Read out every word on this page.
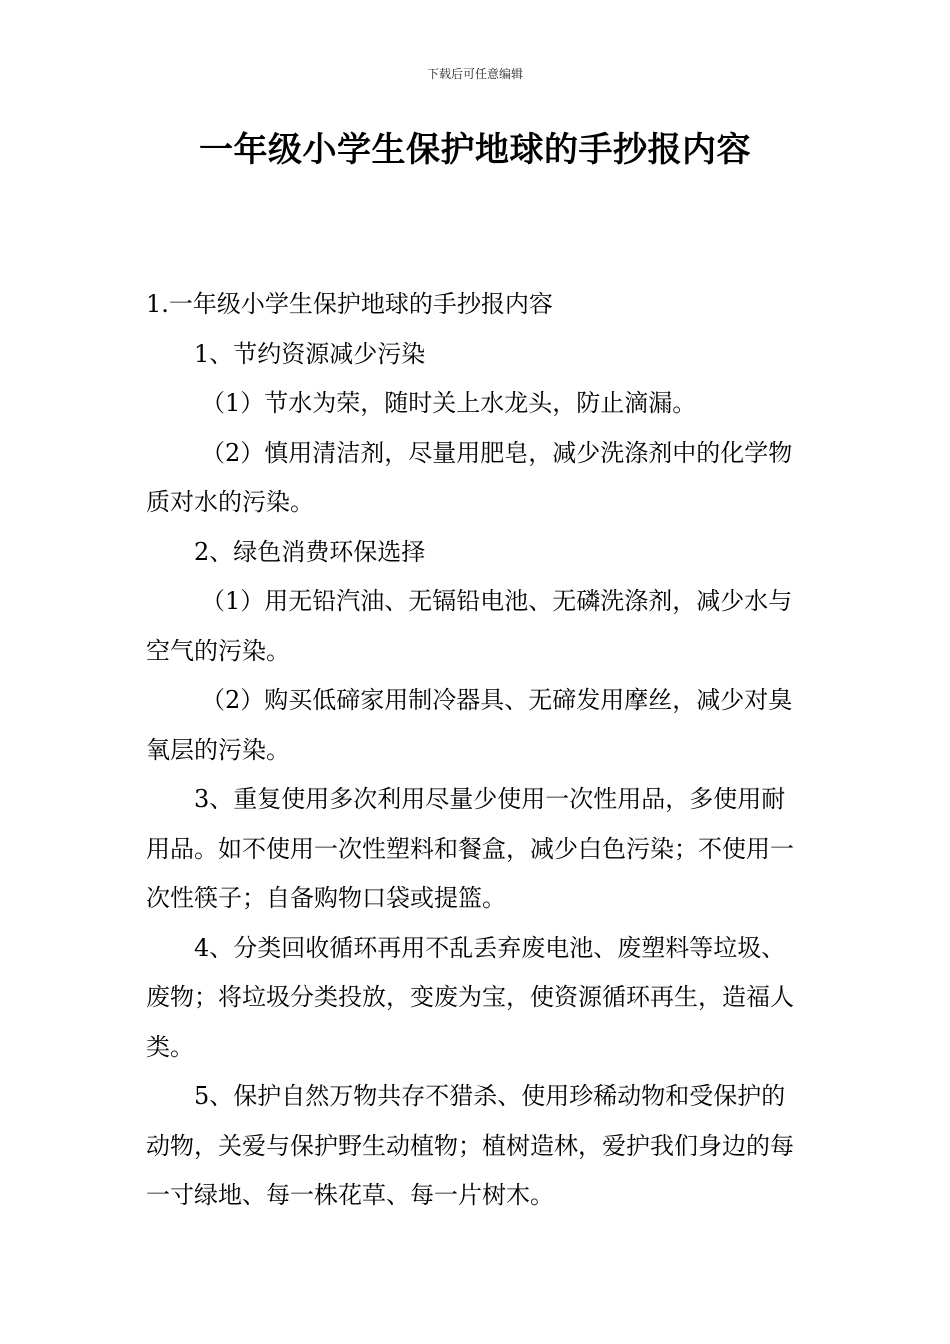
下载后可任意编辑
一年级小学生保护地球的手抄报内容

1.一年级小学生保护地球的手抄报内容

1、节约资源减少污染

（1）节水为荣，随时关上水龙头，防止滴漏。

（2）慎用清洁剂，尽量用肥皂，减少洗涤剂中的化学物质对水的污染。

2、绿色消费环保选择

（1）用无铅汽油、无镉铅电池、无磷洗涤剂，减少水与空气的污染。

（2）购买低碲家用制冷器具、无碲发用摩丝，减少对臭氧层的污染。

3、重复使用多次利用尽量少使用一次性用品，多使用耐用品。如不使用一次性塑料和餐盒，减少白色污染；不使用一次性筷子；自备购物口袋或提篮。

4、分类回收循环再用不乱丢弃废电池、废塑料等垃圾、废物；将垃圾分类投放，变废为宝，使资源循环再生，造福人类。

5、保护自然万物共存不猎杀、使用珍稀动物和受保护的动物，关爱与保护野生动植物；植树造林，爱护我们身边的每一寸绿地、每一株花草、每一片树木。
